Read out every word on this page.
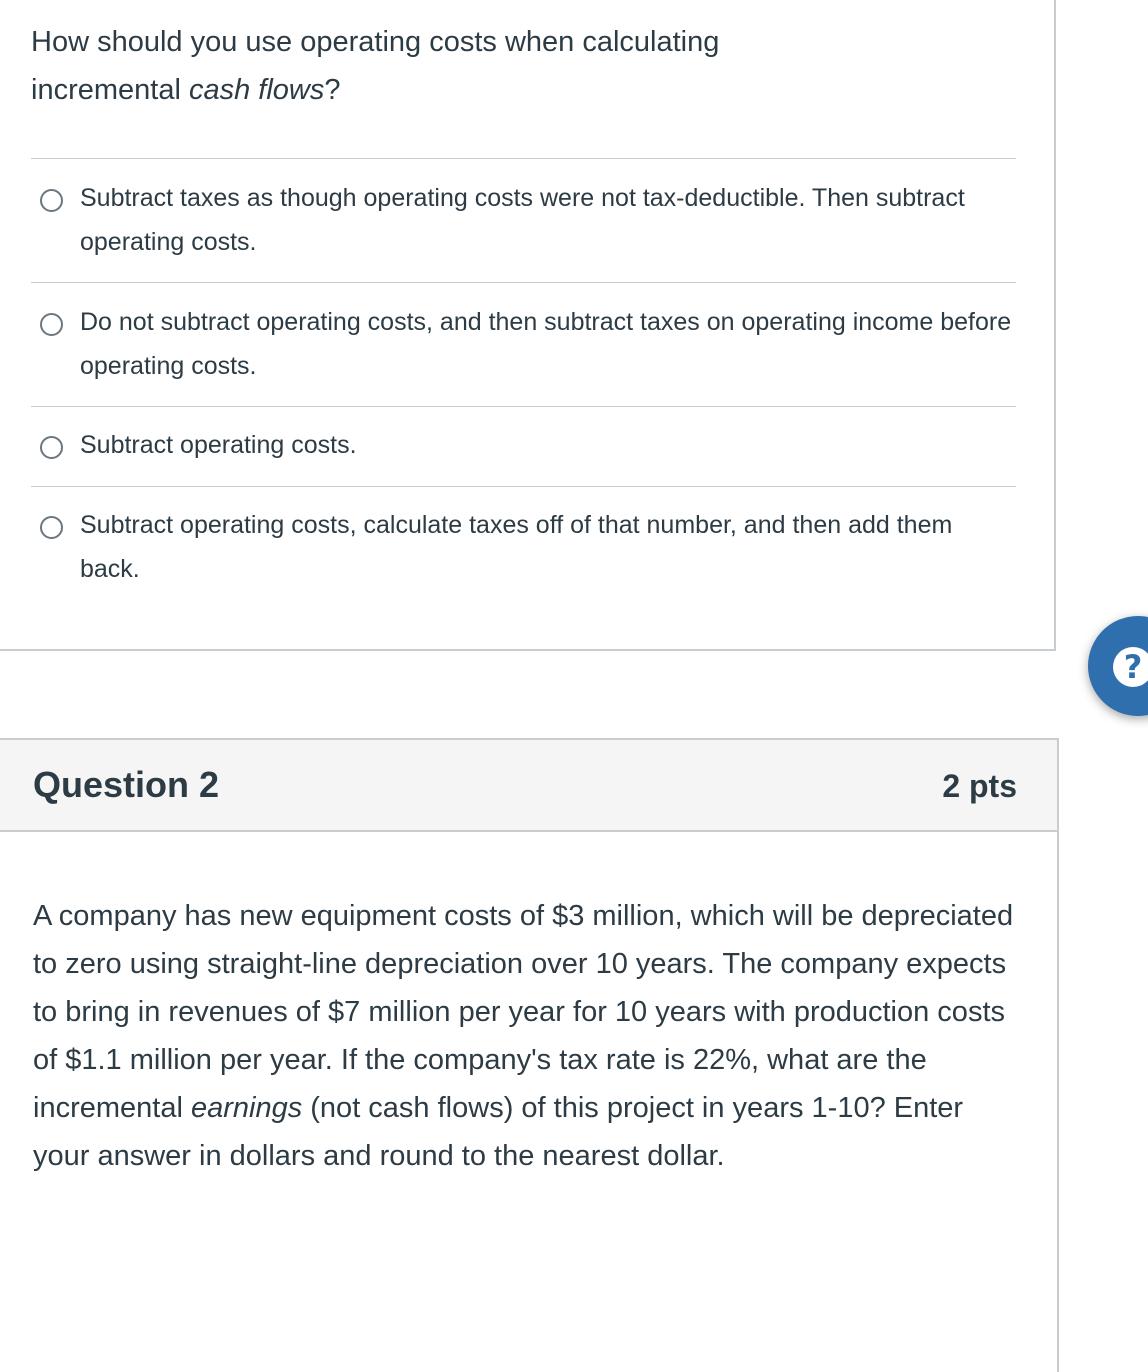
How should you use operating costs when calculating incremental cash flows?
Subtract taxes as though operating costs were not tax-deductible. Then subtract operating costs.
Do not subtract operating costs, and then subtract taxes on operating income before operating costs.
Subtract operating costs.
Subtract operating costs, calculate taxes off of that number, and then add them back.
?
Question 2	2 pts
A company has new equipment costs of $3 million, which will be depreciated to zero using straight-line depreciation over 10 years. The company expects to bring in revenues of $7 million per year for 10 years with production costs of $1.1 million per year. If the company's tax rate is 22%, what are the incremental earnings (not cash flows) of this project in years 1-10? Enter your answer in dollars and round to the nearest dollar.
